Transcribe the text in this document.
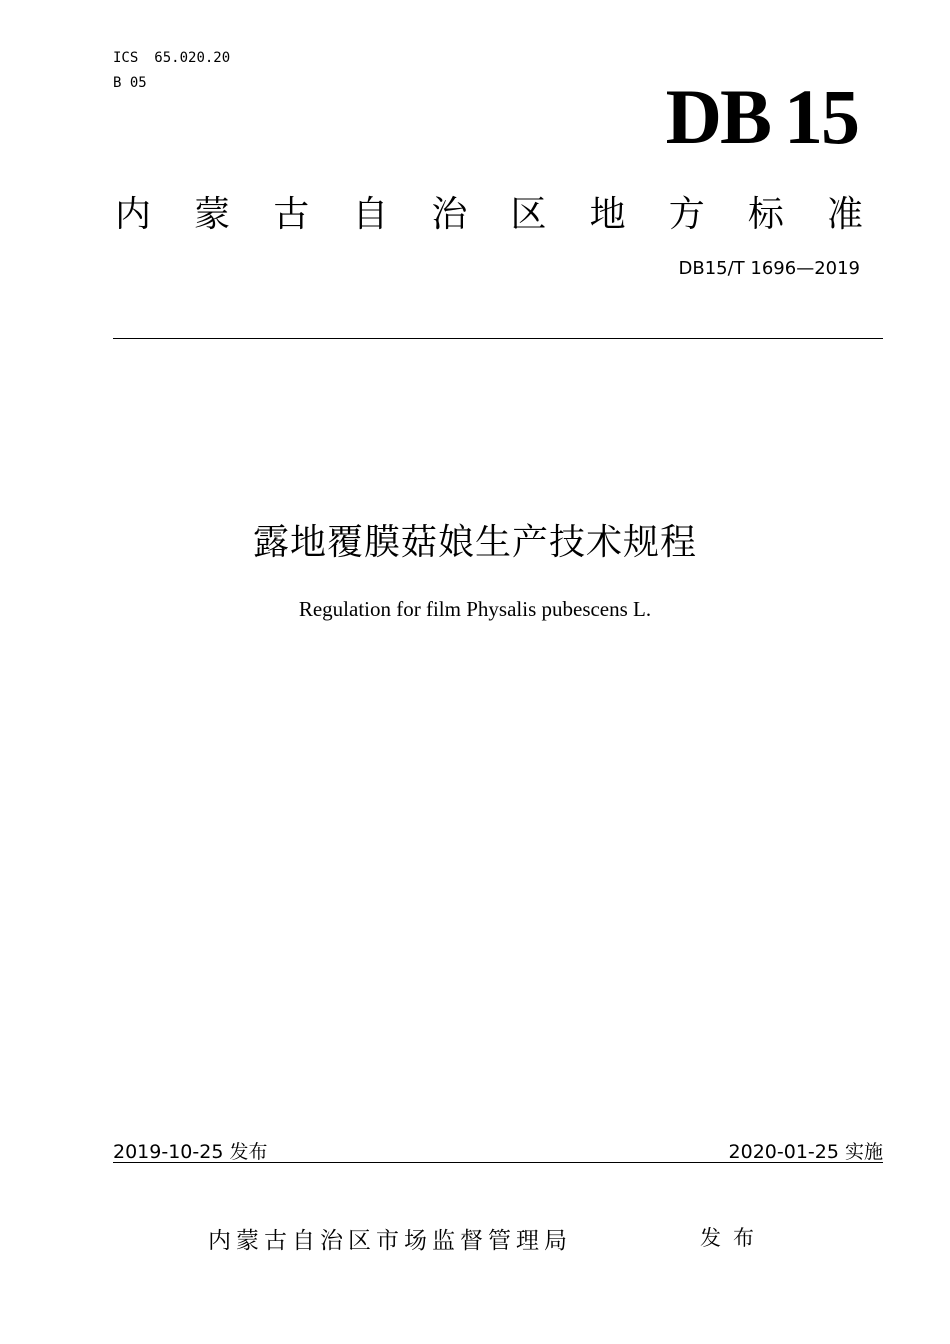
ICS 65.020.20
B 05	DB 15
内 蒙 古 自 治 区 地 方 标 准
DB15/T 1696—2019
露地覆膜菇娘生产技术规程
Regulation for film Physalis pubescens L.
2019-10-25 发布	2020-01-25 实施
内蒙古自治区市场监督管理局	发布
